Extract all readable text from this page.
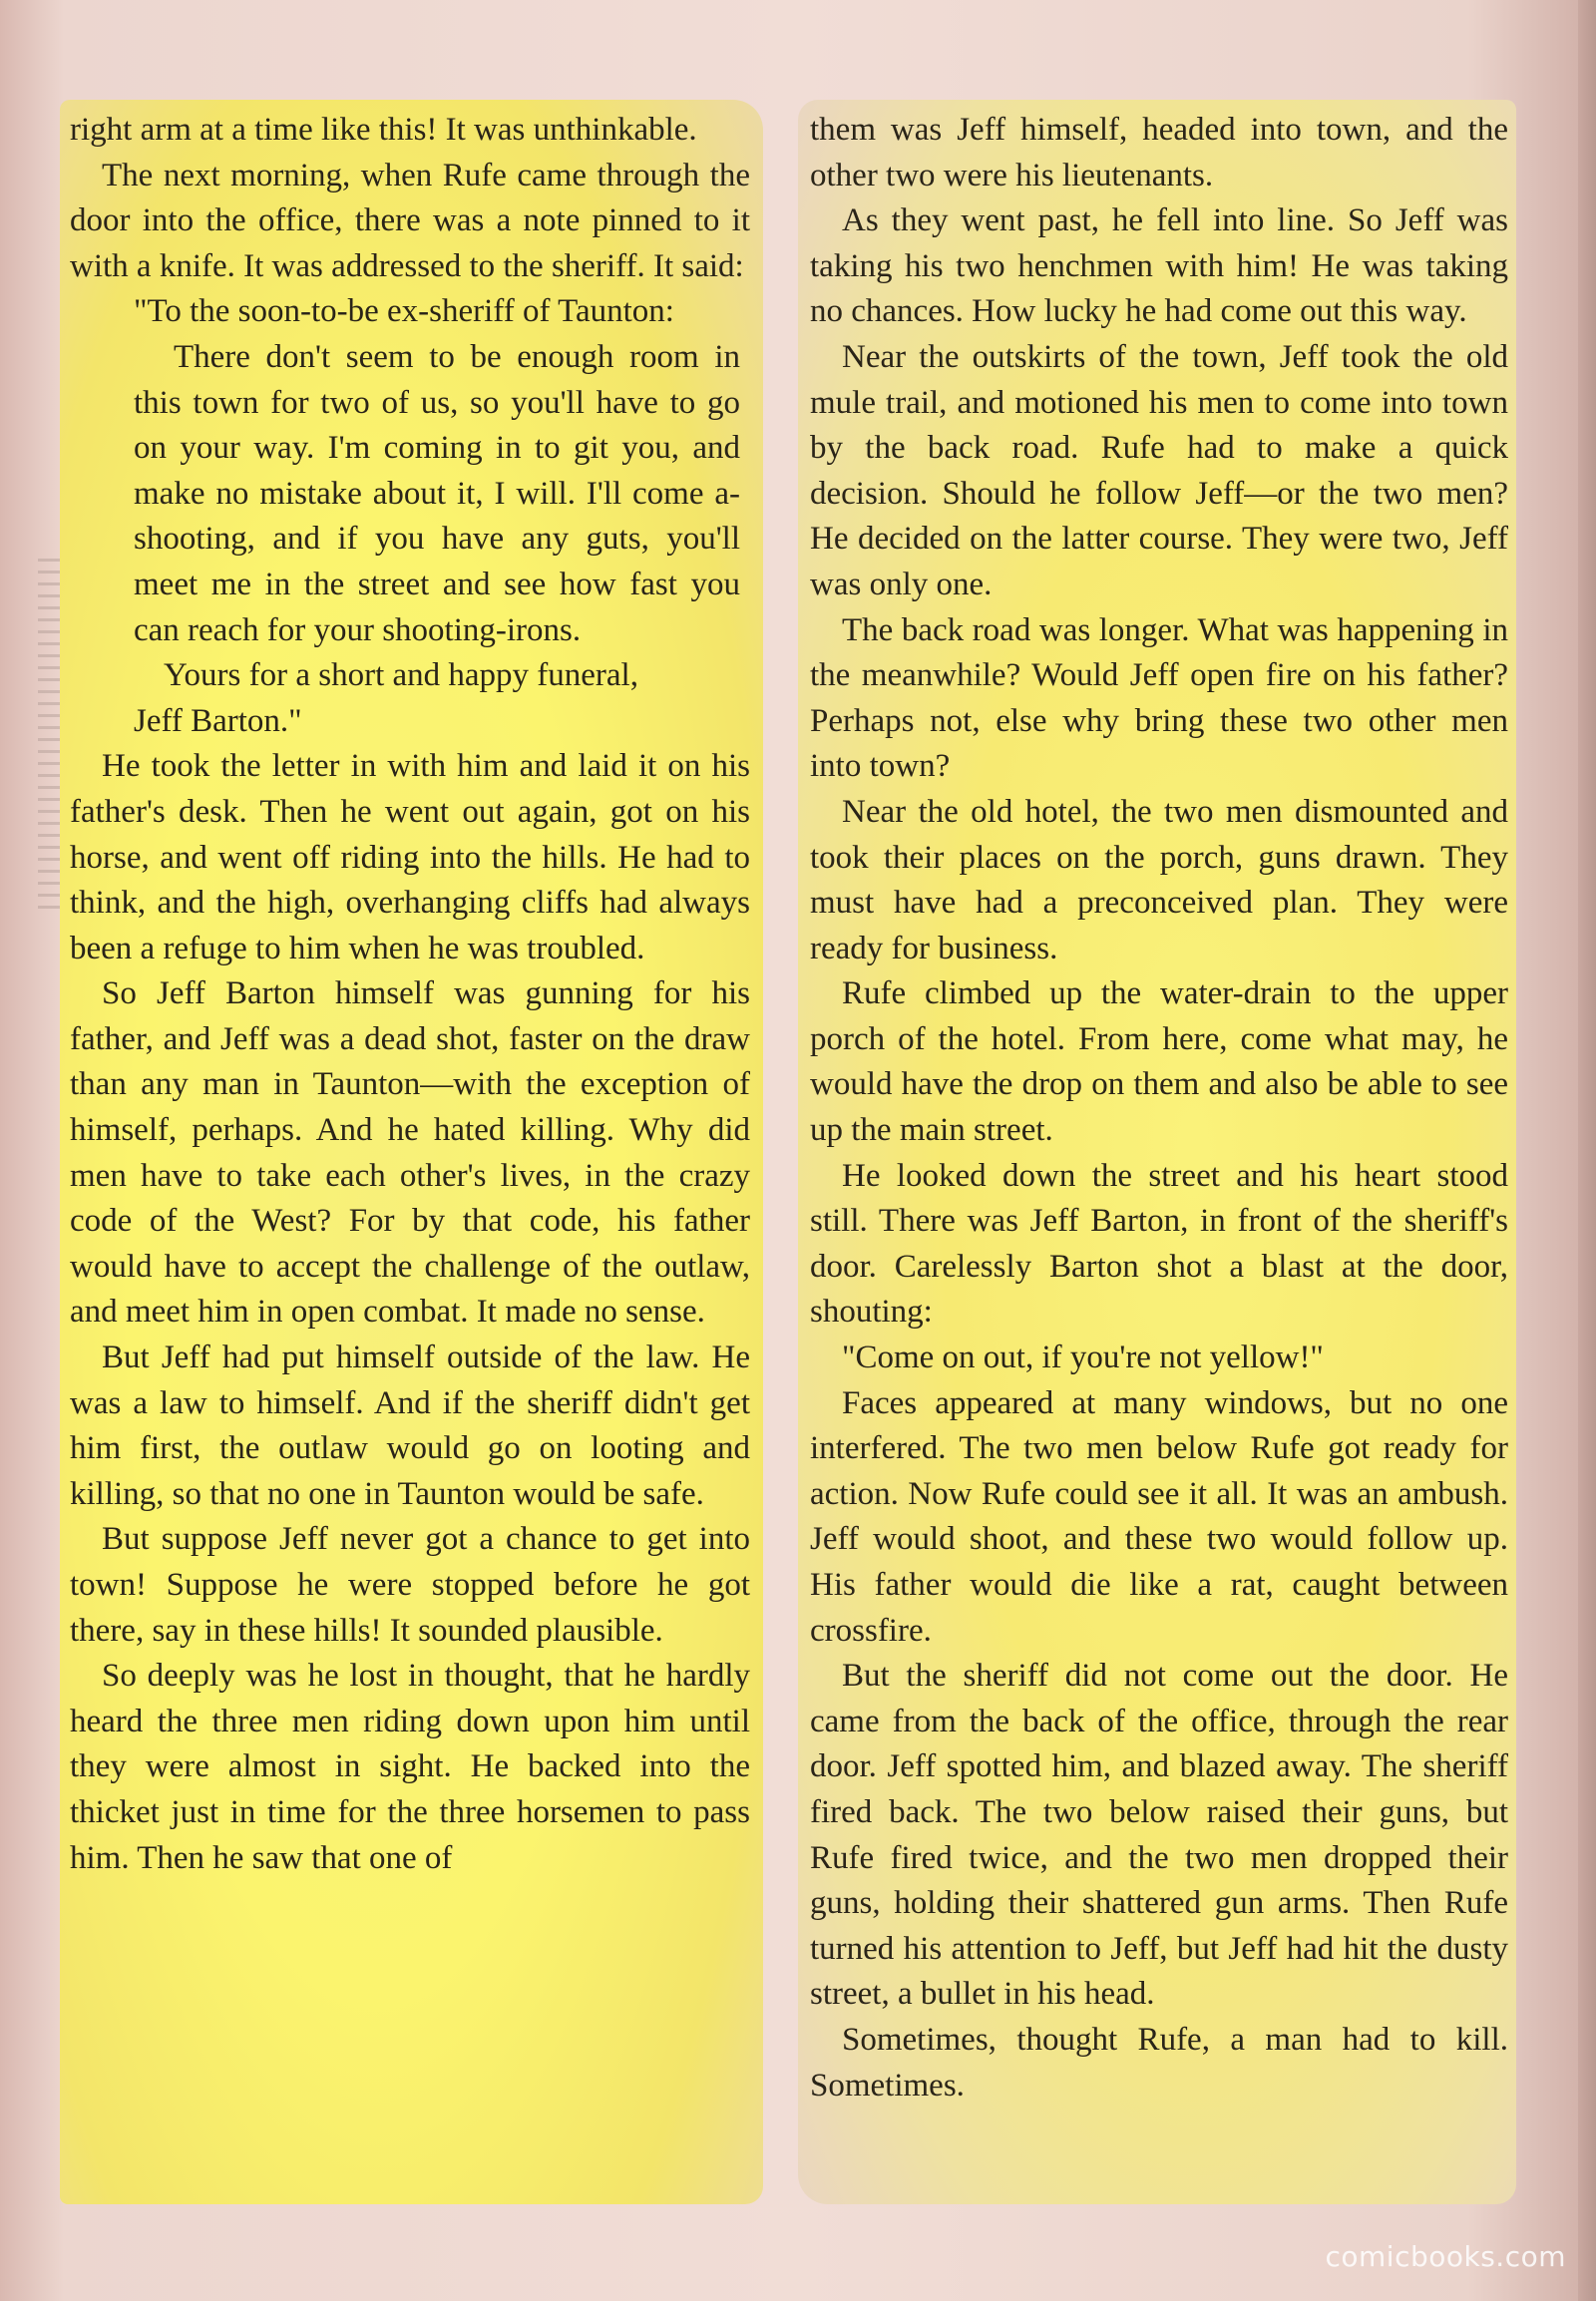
right arm at a time like this! It was unthinkable.

The next morning, when Rufe came through the door into the office, there was a note pinned to it with a knife. It was addressed to the sheriff. It said:

"To the soon-to-be ex-sheriff of Taunton:

There don't seem to be enough room in this town for two of us, so you'll have to go on your way. I'm coming in to git you, and make no mistake about it, I will. I'll come a-shooting, and if you have any guts, you'll meet me in the street and see how fast you can reach for your shooting-irons.

Yours for a short and happy funeral,

Jeff Barton."

He took the letter in with him and laid it on his father's desk. Then he went out again, got on his horse, and went off riding into the hills. He had to think, and the high, overhanging cliffs had always been a refuge to him when he was troubled.

So Jeff Barton himself was gunning for his father, and Jeff was a dead shot, faster on the draw than any man in Taunton—with the exception of himself, perhaps. And he hated killing. Why did men have to take each other's lives, in the crazy code of the West? For by that code, his father would have to accept the challenge of the outlaw, and meet him in open combat. It made no sense.

But Jeff had put himself outside of the law. He was a law to himself. And if the sheriff didn't get him first, the outlaw would go on looting and killing, so that no one in Taunton would be safe.

But suppose Jeff never got a chance to get into town! Suppose he were stopped before he got there, say in these hills! It sounded plausible.

So deeply was he lost in thought, that he hardly heard the three men riding down upon him until they were almost in sight. He backed into the thicket just in time for the three horsemen to pass him. Then he saw that one of

them was Jeff himself, headed into town, and the other two were his lieutenants.

As they went past, he fell into line. So Jeff was taking his two henchmen with him! He was taking no chances. How lucky he had come out this way.

Near the outskirts of the town, Jeff took the old mule trail, and motioned his men to come into town by the back road. Rufe had to make a quick decision. Should he follow Jeff—or the two men? He decided on the latter course. They were two, Jeff was only one.

The back road was longer. What was happening in the meanwhile? Would Jeff open fire on his father? Perhaps not, else why bring these two other men into town?

Near the old hotel, the two men dismounted and took their places on the porch, guns drawn. They must have had a preconceived plan. They were ready for business.

Rufe climbed up the water-drain to the upper porch of the hotel. From here, come what may, he would have the drop on them and also be able to see up the main street.

He looked down the street and his heart stood still. There was Jeff Barton, in front of the sheriff's door. Carelessly Barton shot a blast at the door, shouting:

"Come on out, if you're not yellow!"

Faces appeared at many windows, but no one interfered. The two men below Rufe got ready for action. Now Rufe could see it all. It was an ambush. Jeff would shoot, and these two would follow up. His father would die like a rat, caught between crossfire.

But the sheriff did not come out the door. He came from the back of the office, through the rear door. Jeff spotted him, and blazed away. The sheriff fired back. The two below raised their guns, but Rufe fired twice, and the two men dropped their guns, holding their shattered gun arms. Then Rufe turned his attention to Jeff, but Jeff had hit the dusty street, a bullet in his head.

Sometimes, thought Rufe, a man had to kill. Sometimes.

comicbooks.com
